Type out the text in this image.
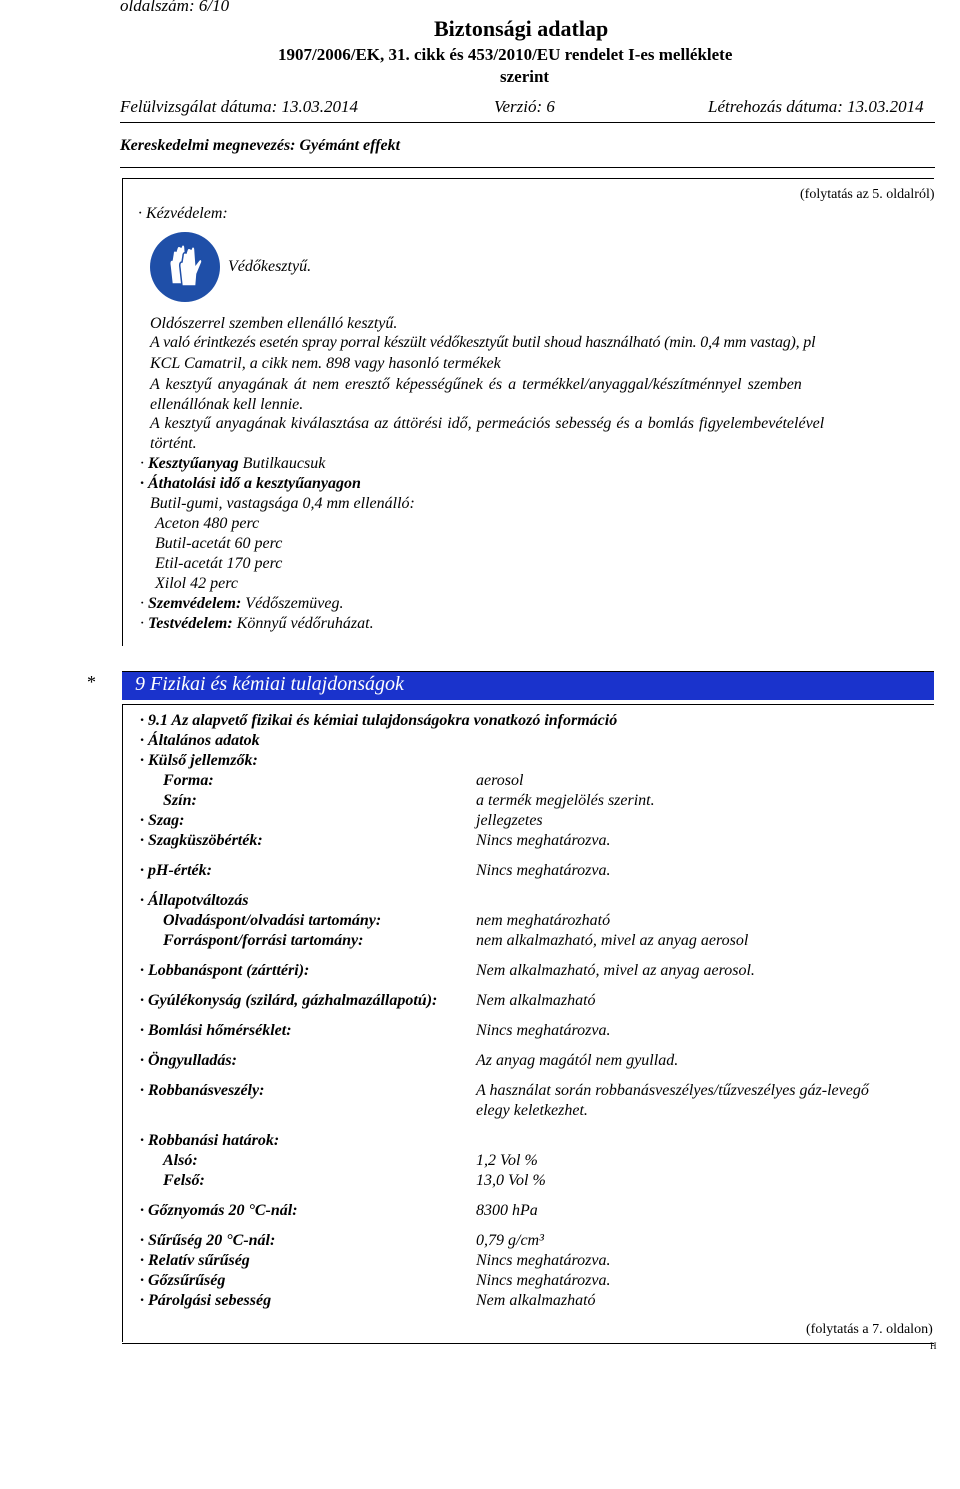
oldalszám: 6/10
Biztonsági adatlap
1907/2006/EK, 31. cikk és 453/2010/EU rendelet I-es melléklete
szerint
Felülvizsgálat dátuma: 13.03.2014	Verzió: 6	Létrehozás dátuma: 13.03.2014
Kereskedelmi megnevezés: Gyémánt effekt
(folytatás az 5. oldalról)
· Kézvédelem:
Védőkesztyű.
Oldószerrel szemben ellenálló kesztyű.
A való érintkezés esetén spray porral készült védőkesztyűt butil shoud használható (min. 0,4 mm vastag), pl
KCL Camatril, a cikk nem. 898 vagy hasonló termékek
A kesztyű anyagának át nem eresztő képességűnek és a termékkel/anyaggal/készítménnyel szemben
ellenállónak kell lennie.
A kesztyű anyagának kiválasztása az áttörési idő, permeációs sebesség és a bomlás figyelembevételével
történt.
· Kesztyűanyag Butilkaucsuk
· Áthatolási idő a kesztyűanyagon
Butil-gumi, vastagsága 0,4 mm ellenálló:
Aceton 480 perc
Butil-acetát 60 perc
Etil-acetát 170 perc
Xilol 42 perc
· Szemvédelem: Védőszemüveg.
· Testvédelem: Könnyű védőruházat.
* 9 Fizikai és kémiai tulajdonságok
· 9.1 Az alapvető fizikai és kémiai tulajdonságokra vonatkozó információ
· Általános adatok
· Külső jellemzők:
Forma:	aerosol
Szín:	a termék megjelölés szerint.
· Szag:	jellegzetes
· Szagküszöbérték:	Nincs meghatározva.
· pH-érték:	Nincs meghatározva.
· Állapotváltozás
Olvadáspont/olvadási tartomány:	nem meghatározható
Forráspont/forrási tartomány:	nem alkalmazható, mivel az anyag aerosol
· Lobbanáspont (zárttéri):	Nem alkalmazható, mivel az anyag aerosol.
· Gyúlékonyság (szilárd, gázhalmazállapotú): Nem alkalmazható
· Bomlási hőmérséklet:	Nincs meghatározva.
· Öngyulladás:	Az anyag magától nem gyullad.
· Robbanásveszély:	A használat során robbanásveszélyes/tűzveszélyes gáz-levegő
elegy keletkezhet.
· Robbanási határok:
Alsó:	1,2 Vol %
Felső:	13,0 Vol %
· Gőznyomás 20 °C-nál:	8300 hPa
· Sűrűség 20 °C-nál:	0,79 g/cm³
· Relatív sűrűség	Nincs meghatározva.
· Gőzsűrűség	Nincs meghatározva.
· Párolgási sebesség	Nem alkalmazható
(folytatás a 7. oldalon)
H
